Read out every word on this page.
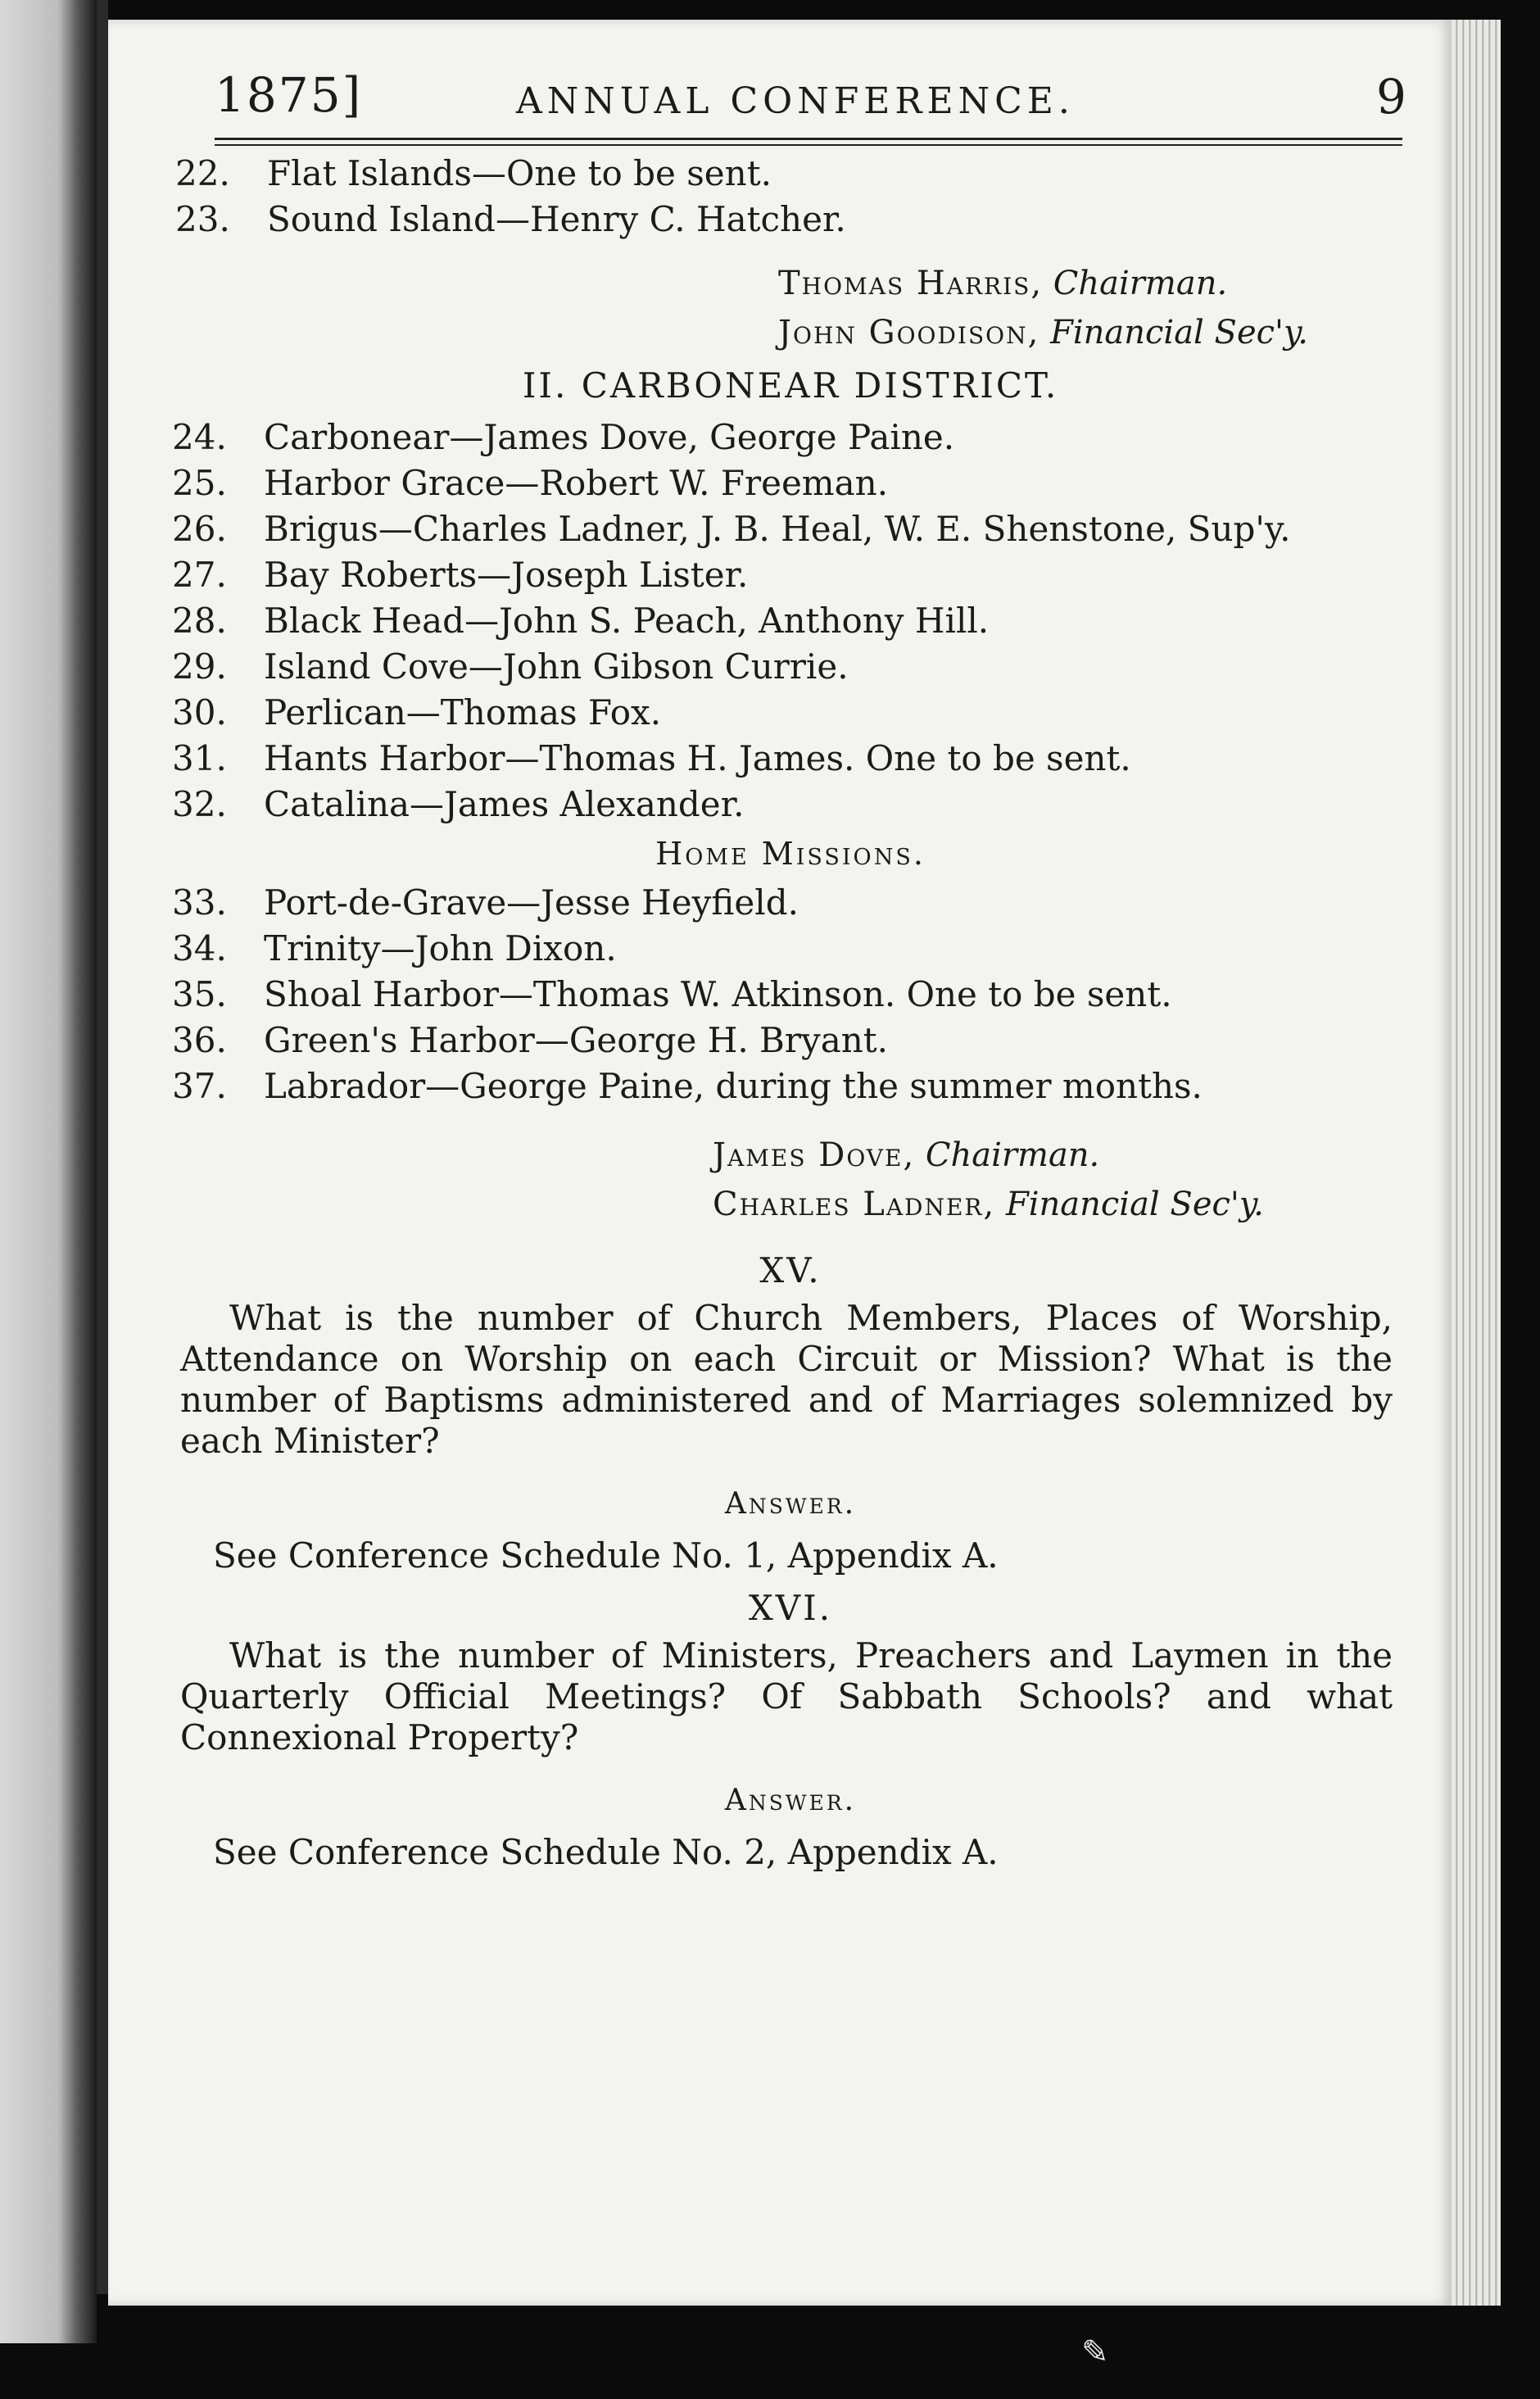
1875]	ANNUAL CONFERENCE.	9
22.	Flat Islands—One to be sent.
23.	Sound Island—Henry C. Hatcher.
Thomas Harris, Chairman.
John Goodison, Financial Sec'y.
II. CARBONEAR DISTRICT.
24.	Carbonear—James Dove, George Paine.
25.	Harbor Grace—Robert W. Freeman.
26.	Brigus—Charles Ladner, J. B. Heal, W. E. Shenstone, Sup'y.
27.	Bay Roberts—Joseph Lister.
28.	Black Head—John S. Peach, Anthony Hill.
29.	Island Cove—John Gibson Currie.
30.	Perlican—Thomas Fox.
31.	Hants Harbor—Thomas H. James. One to be sent.
32.	Catalina—James Alexander.
Home Missions.
33.	Port-de-Grave—Jesse Heyfield.
34.	Trinity—John Dixon.
35.	Shoal Harbor—Thomas W. Atkinson. One to be sent.
36.	Green's Harbor—George H. Bryant.
37.	Labrador—George Paine, during the summer months.
James Dove, Chairman.
Charles Ladner, Financial Sec'y.
XV.

What is the number of Church Members, Places of Worship, Attendance on Worship on each Circuit or Mission? What is the number of Baptisms administered and of Marriages solemnized by each Minister?

Answer.
See Conference Schedule No. 1, Appendix A.
XVI.

What is the number of Ministers, Preachers and Laymen in the Quarterly Official Meetings? Of Sabbath Schools? and what Connexional Property?

Answer.
See Conference Schedule No. 2, Appendix A.
✎
